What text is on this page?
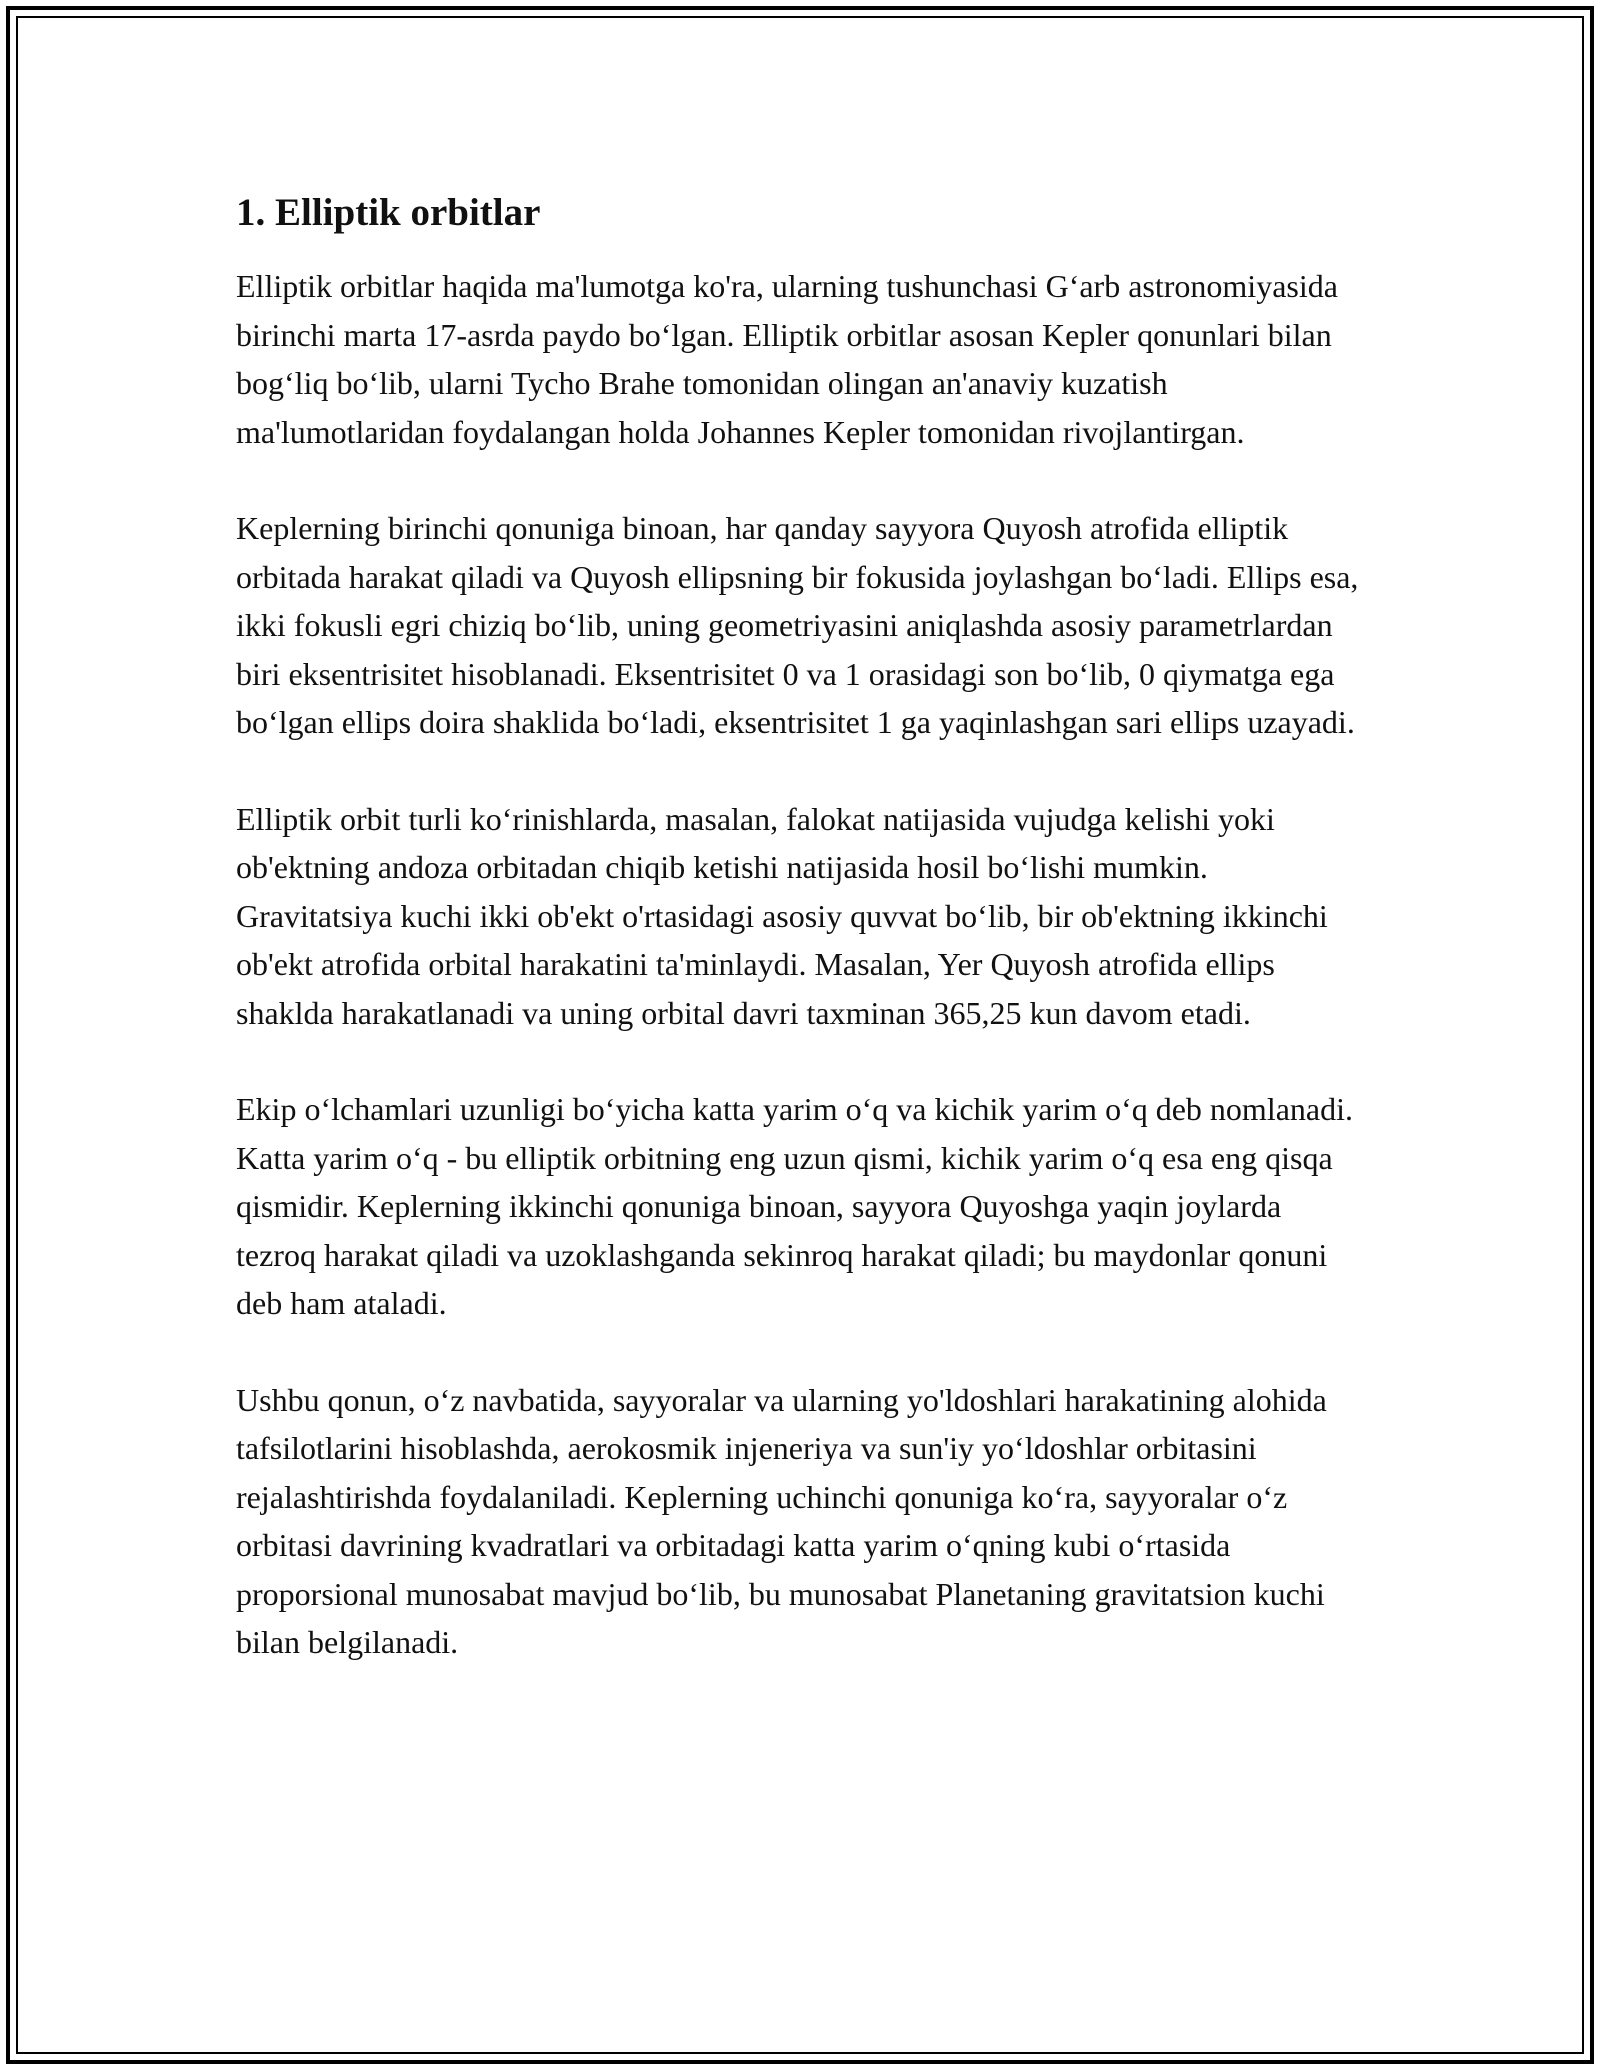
1. Elliptik orbitlar

Elliptik orbitlar haqida ma'lumotga ko'ra, ularning tushunchasi G‘arb astronomiyasida birinchi marta 17-asrda paydo bo‘lgan. Elliptik orbitlar asosan Kepler qonunlari bilan bog‘liq bo‘lib, ularni Tycho Brahe tomonidan olingan an'anaviy kuzatish ma'lumotlaridan foydalangan holda Johannes Kepler tomonidan rivojlantirgan.

Keplerning birinchi qonuniga binoan, har qanday sayyora Quyosh atrofida elliptik orbitada harakat qiladi va Quyosh ellipsning bir fokusida joylashgan bo‘ladi. Ellips esa, ikki fokusli egri chiziq bo‘lib, uning geometriyasini aniqlashda asosiy parametrlardan biri eksentrisitet hisoblanadi. Eksentrisitet 0 va 1 orasidagi son bo‘lib, 0 qiymatga ega bo‘lgan ellips doira shaklida bo‘ladi, eksentrisitet 1 ga yaqinlashgan sari ellips uzayadi.

Elliptik orbit turli ko‘rinishlarda, masalan, falokat natijasida vujudga kelishi yoki ob'ektning andoza orbitadan chiqib ketishi natijasida hosil bo‘lishi mumkin. Gravitatsiya kuchi ikki ob'ekt o'rtasidagi asosiy quvvat bo‘lib, bir ob'ektning ikkinchi ob'ekt atrofida orbital harakatini ta'minlaydi. Masalan, Yer Quyosh atrofida ellips shaklda harakatlanadi va uning orbital davri taxminan 365,25 kun davom etadi.

Ekip o‘lchamlari uzunligi bo‘yicha katta yarim o‘q va kichik yarim o‘q deb nomlanadi. Katta yarim o‘q - bu elliptik orbitning eng uzun qismi, kichik yarim o‘q esa eng qisqa qismidir. Keplerning ikkinchi qonuniga binoan, sayyora Quyoshga yaqin joylarda tezroq harakat qiladi va uzoklashganda sekinroq harakat qiladi; bu maydonlar qonuni deb ham ataladi.

Ushbu qonun, o‘z navbatida, sayyoralar va ularning yo'ldoshlari harakatining alohida tafsilotlarini hisoblashda, aerokosmik injeneriya va sun'iy yo‘ldoshlar orbitasini rejalashtirishda foydalaniladi. Keplerning uchinchi qonuniga ko‘ra, sayyoralar o‘z orbitasi davrining kvadratlari va orbitadagi katta yarim o‘qning kubi o‘rtasida proporsional munosabat mavjud bo‘lib, bu munosabat Planetaning gravitatsion kuchi bilan belgilanadi.
